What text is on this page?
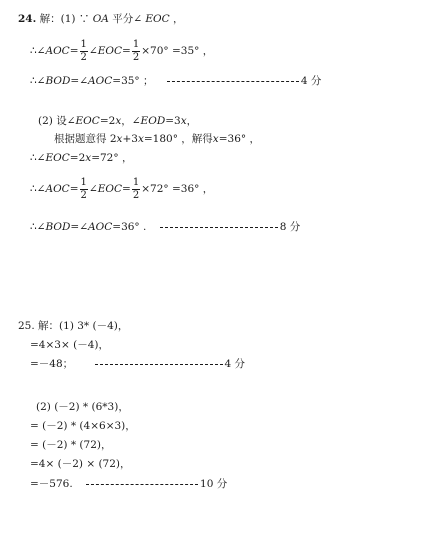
24. 解：(1) ∵ OA 平分∠ EOC ，
∴∠AOC= $\frac{1}{2}$ ∠EOC= $\frac{1}{2} \times 70^\circ =35^\circ$ ，
∴∠BOD=∠AOC=35° ；	4 分
(2) 设∠EOC=2x，∠EOD=3x，
根据题意得 2x+3x=180° ，解得x=36° ，
∴∠EOC=2x=72° ，
∴∠AOC= $\frac{1}{2}$ ∠EOC= $\frac{1}{2} \times 72^\circ =36^\circ$ ，
∴∠BOD=∠AOC=36° .	8 分
25. 解：(1) 3* (－4)，
=4×3× (－4)，
=－48；	4 分
(2) (－2) * (6*3)，
= (－2) * (4×6×3)，
= (－2) * (72)，
=4× (－2) × (72)，
=－576.	10 分
